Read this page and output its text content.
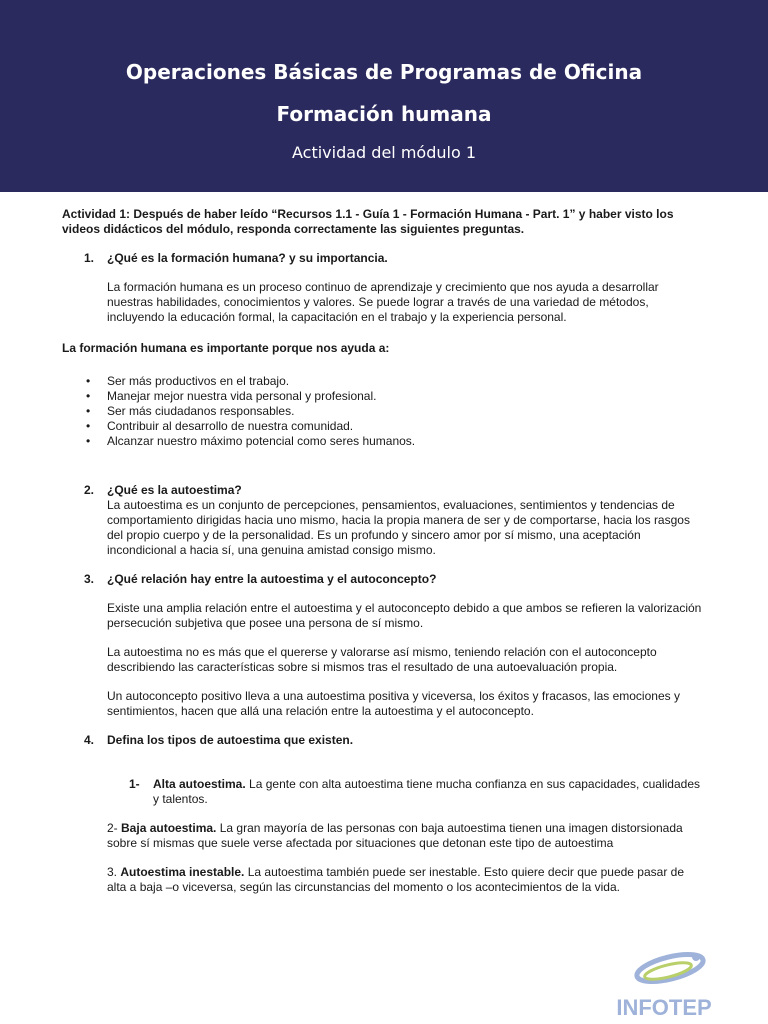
Operaciones Básicas de Programas de Oficina
Formación humana
Actividad del módulo 1

Actividad 1: Después de haber leído “Recursos 1.1 - Guía 1 - Formación Humana - Part. 1” y haber visto los videos didácticos del módulo, responda correctamente las siguientes preguntas.

1.	¿Qué es la formación humana? y su importancia.

La formación humana es un proceso continuo de aprendizaje y crecimiento que nos ayuda a desarrollar nuestras habilidades, conocimientos y valores. Se puede lograr a través de una variedad de métodos, incluyendo la educación formal, la capacitación en el trabajo y la experiencia personal.

La formación humana es importante porque nos ayuda a:

•	Ser más productivos en el trabajo.
•	Manejar mejor nuestra vida personal y profesional.
•	Ser más ciudadanos responsables.
•	Contribuir al desarrollo de nuestra comunidad.
•	Alcanzar nuestro máximo potencial como seres humanos.
2.	¿Qué es la autoestima?

La autoestima es un conjunto de percepciones, pensamientos, evaluaciones, sentimientos y tendencias de comportamiento dirigidas hacia uno mismo, hacia la propia manera de ser y de comportarse, hacia los rasgos del propio cuerpo y de la personalidad. Es un profundo y sincero amor por sí mismo, una aceptación incondicional a hacia sí, una genuina amistad consigo mismo.

3.	¿Qué relación hay entre la autoestima y el autoconcepto?

Existe una amplia relación entre el autoestima y el autoconcepto debido a que ambos se refieren la valorización persecución subjetiva que posee una persona de sí mismo.

La autoestima no es más que el quererse y valorarse así mismo, teniendo relación con el autoconcepto describiendo las características sobre si mismos tras el resultado de una autoevaluación propia.

Un autoconcepto positivo lleva a una autoestima positiva y viceversa, los éxitos y fracasos, las emociones y sentimientos, hacen que allá una relación entre la autoestima y el autoconcepto.

4.	Defina los tipos de autoestima que existen.
1-	Alta autoestima. La gente con alta autoestima tiene mucha confianza en sus capacidades, cualidades y talentos.

2- Baja autoestima. La gran mayoría de las personas con baja autoestima tienen una imagen distorsionada sobre sí mismas que suele verse afectada por situaciones que detonan este tipo de autoestima

3. Autoestima inestable. La autoestima también puede ser inestable. Esto quiere decir que puede pasar de alta a baja –o viceversa, según las circunstancias del momento o los acontecimientos de la vida.

INFOTEP
